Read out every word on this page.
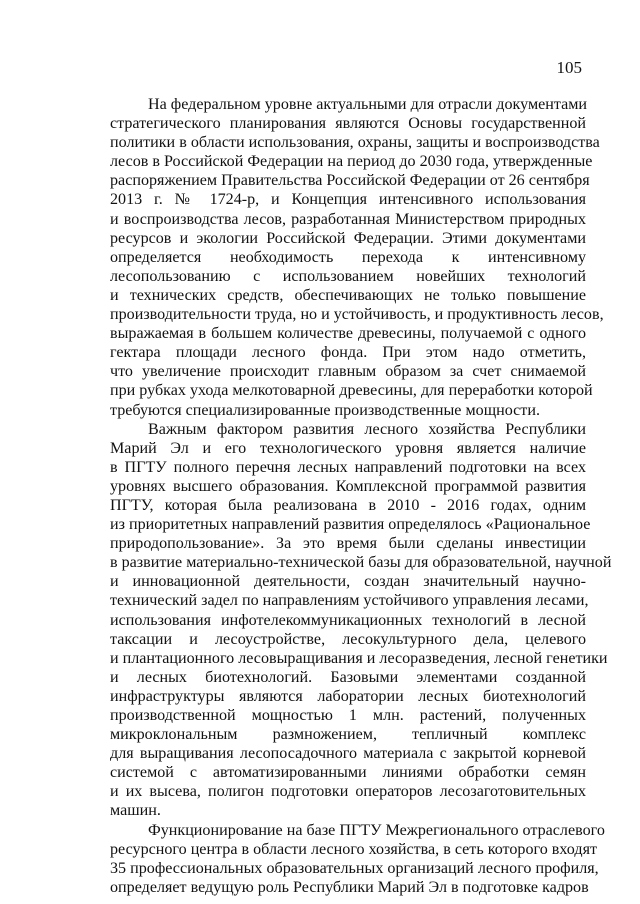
105
На федеральном уровне актуальными для отрасли документами
стратегического планирования являются Основы государственной
политики в области использования, охраны, защиты и воспроизводства
лесов в Российской Федерации на период до 2030 года, утвержденные
распоряжением Правительства Российской Федерации от 26 сентября
2013 г. № 1724-р, и Концепция интенсивного использования
и воспроизводства лесов, разработанная Министерством природных
ресурсов и экологии Российской Федерации. Этими документами
определяется необходимость перехода к интенсивному
лесопользованию с использованием новейших технологий
и технических средств, обеспечивающих не только повышение
производительности труда, но и устойчивость, и продуктивность лесов,
выражаемая в большем количестве древесины, получаемой с одного
гектара площади лесного фонда. При этом надо отметить,
что увеличение происходит главным образом за счет снимаемой
при рубках ухода мелкотоварной древесины, для переработки которой
требуются специализированные производственные мощности.
Важным фактором развития лесного хозяйства Республики
Марий Эл и его технологического уровня является наличие
в ПГТУ полного перечня лесных направлений подготовки на всех
уровнях высшего образования. Комплексной программой развития
ПГТУ, которая была реализована в 2010 - 2016 годах, одним
из приоритетных направлений развития определялось «Рациональное
природопользование». За это время были сделаны инвестиции
в развитие материально-технической базы для образовательной, научной
и инновационной деятельности, создан значительный научно-
технический задел по направлениям устойчивого управления лесами,
использования инфотелекоммуникационных технологий в лесной
таксации и лесоустройстве, лесокультурного дела, целевого
и плантационного лесовыращивания и лесоразведения, лесной генетики
и лесных биотехнологий. Базовыми элементами созданной
инфраструктуры являются лаборатории лесных биотехнологий
производственной мощностью 1 млн. растений, полученных
микроклональным размножением, тепличный комплекс
для выращивания лесопосадочного материала с закрытой корневой
системой с автоматизированными линиями обработки семян
и их высева, полигон подготовки операторов лесозаготовительных
машин.
Функционирование на базе ПГТУ Межрегионального отраслевого
ресурсного центра в области лесного хозяйства, в сеть которого входят
35 профессиональных образовательных организаций лесного профиля,
определяет ведущую роль Республики Марий Эл в подготовке кадров
